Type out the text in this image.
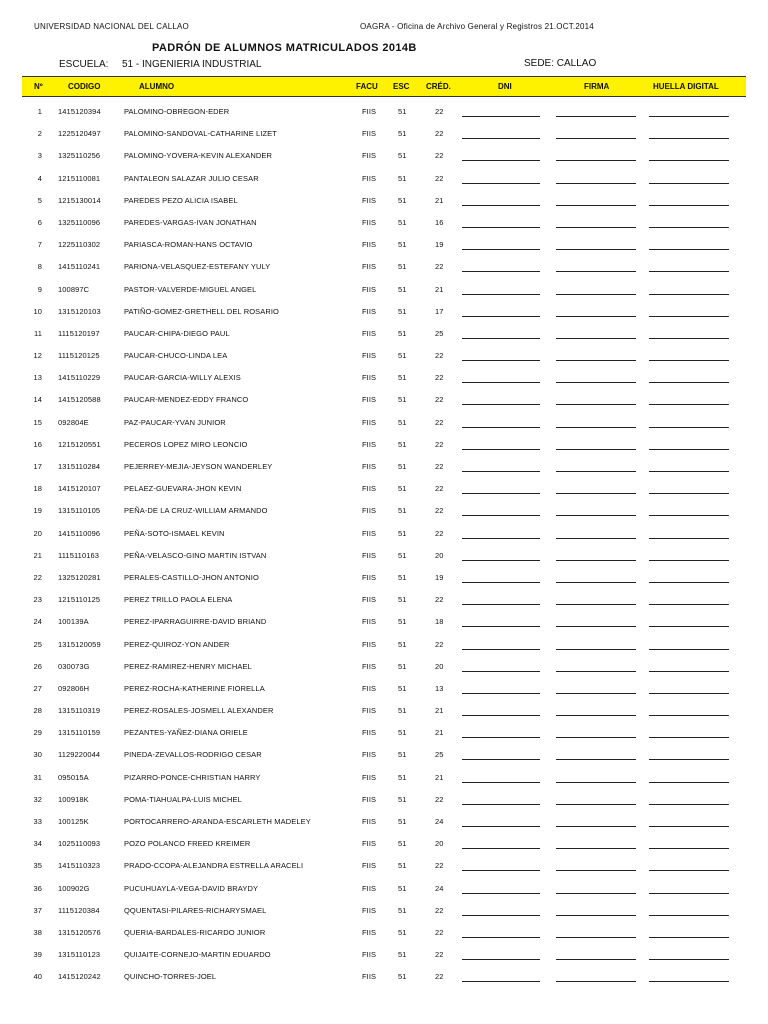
UNIVERSIDAD NACIONAL DEL CALLAO	OAGRA - Oficina de Archivo General y Registros 21.OCT.2014
PADRÓN DE ALUMNOS MATRICULADOS 2014B
ESCUELA: 51 - INGENIERIA INDUSTRIAL	SEDE: CALLAO
Nº	CODIGO	ALUMNO	FACU ESC CRÉD.	DNI	FIRMA	HUELLA DIGITAL
1 1415120394	PALOMINO-OBREGON-EDER	FIIS	51	22
2 1225120497	PALOMINO-SANDOVAL-CATHARINE LIZET	FIIS	51	22
3 1325110256	PALOMINO-YOVERA-KEVIN ALEXANDER	FIIS	51	22
4 1215110081	PANTALEON SALAZAR JULIO CESAR	FIIS	51	22
5 1215130014	PAREDES PEZO ALICIA ISABEL	FIIS	51	21
6 1325110096	PAREDES-VARGAS-IVAN JONATHAN	FIIS	51	16
7 1225110302	PARIASCA-ROMAN-HANS OCTAVIO	FIIS	51	19
8 1415110241	PARIONA-VELASQUEZ-ESTEFANY YULY	FIIS	51	22
9 100897C	PASTOR-VALVERDE-MIGUEL ANGEL	FIIS	51	21
10 1315120103	PATIÑO-GOMEZ-GRETHELL DEL ROSARIO	FIIS	51	17
11 1115120197	PAUCAR-CHIPA-DIEGO PAUL	FIIS	51	25
12 1115120125	PAUCAR-CHUCO-LINDA LEA	FIIS	51	22
13 1415110229	PAUCAR-GARCIA-WILLY ALEXIS	FIIS	51	22
14 1415120588	PAUCAR-MENDEZ-EDDY FRANCO	FIIS	51	22
15 092804E	PAZ-PAUCAR-YVAN JUNIOR	FIIS	51	22
16 1215120551	PECEROS LOPEZ MIRO LEONCIO	FIIS	51	22
17 1315110284	PEJERREY-MEJIA-JEYSON WANDERLEY	FIIS	51	22
18 1415120107	PELAEZ-GUEVARA-JHON KEVIN	FIIS	51	22
19 1315110105	PEÑA-DE LA CRUZ-WILLIAM ARMANDO	FIIS	51	22
20 1415110096	PEÑA-SOTO-ISMAEL KEVIN	FIIS	51	22
21 1115110163	PEÑA-VELASCO-GINO MARTIN ISTVAN	FIIS	51	20
22 1325120281	PERALES-CASTILLO-JHON ANTONIO	FIIS	51	19
23 1215110125	PEREZ TRILLO PAOLA ELENA	FIIS	51	22
24 100139A	PEREZ-IPARRAGUIRRE-DAVID BRIAND	FIIS	51	18
25 1315120059	PEREZ-QUIROZ-YON ANDER	FIIS	51	22
26 030073G	PEREZ-RAMIREZ-HENRY MICHAEL	FIIS	51	20
27 092806H	PEREZ-ROCHA-KATHERINE FIORELLA	FIIS	51	13
28 1315110319	PEREZ-ROSALES-JOSMELL ALEXANDER	FIIS	51	21
29 1315110159	PEZANTES-YAÑEZ-DIANA ORIELE	FIIS	51	21
30 1129220044	PINEDA-ZEVALLOS-RODRIGO CESAR	FIIS	51	25
31 095015A	PIZARRO-PONCE-CHRISTIAN HARRY	FIIS	51	21
32 100918K	POMA-TIAHUALPA-LUIS MICHEL	FIIS	51	22
33 100125K	PORTOCARRERO-ARANDA-ESCARLETH MADELEY	FIIS	51	24
34 1025110093	POZO POLANCO FREED KREIMER	FIIS	51	20
35 1415110323	PRADO-CCOPA-ALEJANDRA ESTRELLA ARACELI	FIIS	51	22
36 100902G	PUCUHUAYLA-VEGA-DAVID BRAYDY	FIIS	51	24
37 1115120384	QQUENTASI-PILARES-RICHARYSMAEL	FIIS	51	22
38 1315120576	QUERIA-BARDALES-RICARDO JUNIOR	FIIS	51	22
39 1315110123	QUIJAITE-CORNEJO-MARTIN EDUARDO	FIIS	51	22
40 1415120242	QUINCHO-TORRES-JOEL	FIIS	51	22
